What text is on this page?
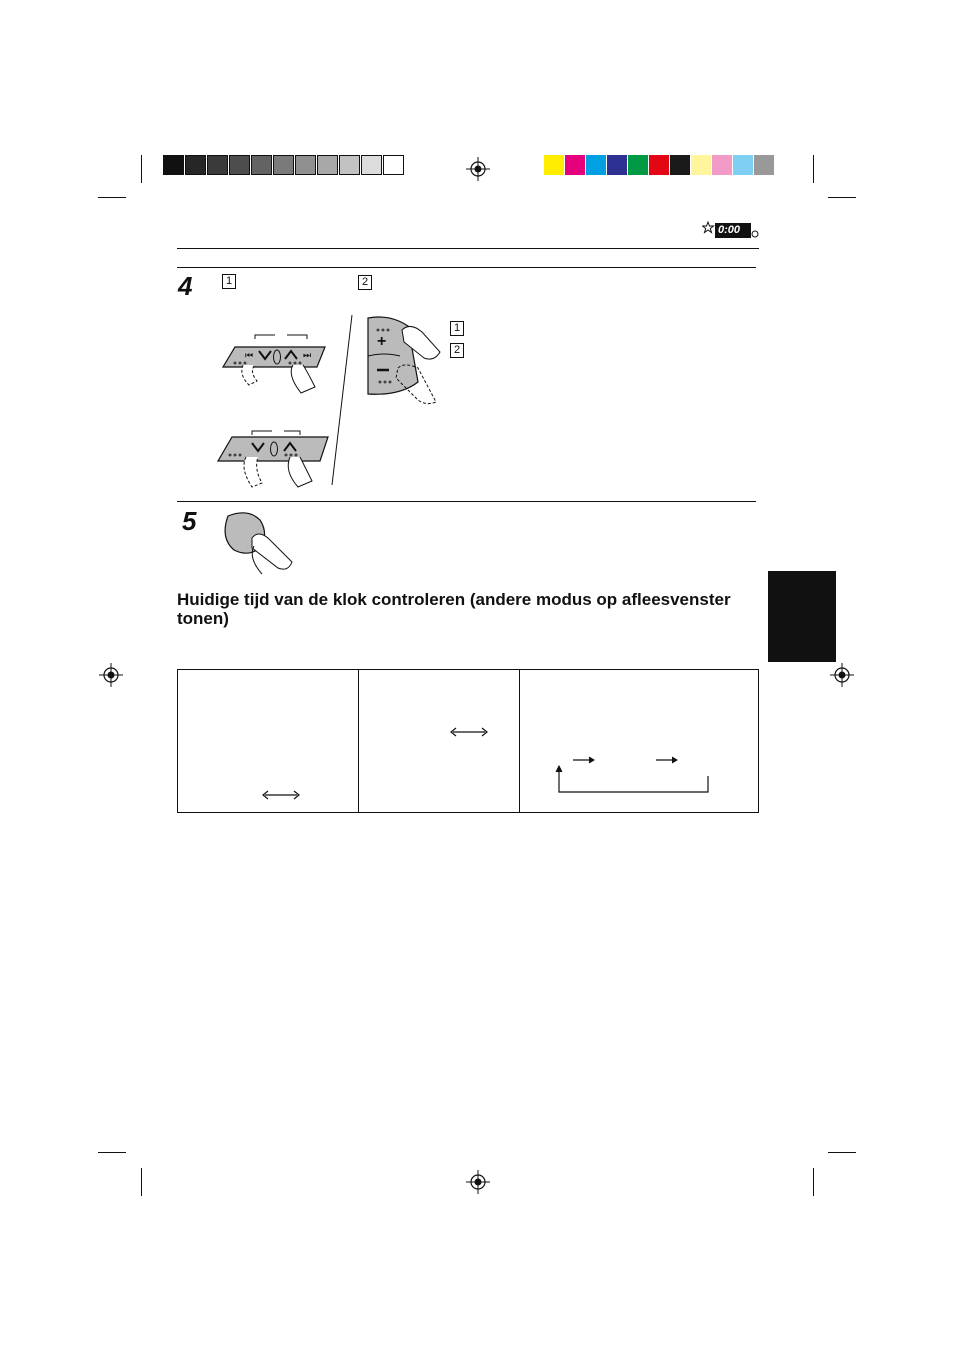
0:00
4	1	2
1
2
⏮	⏭
+
5
Huidige tijd van de klok controleren (andere modus op afleesvenster tonen)
